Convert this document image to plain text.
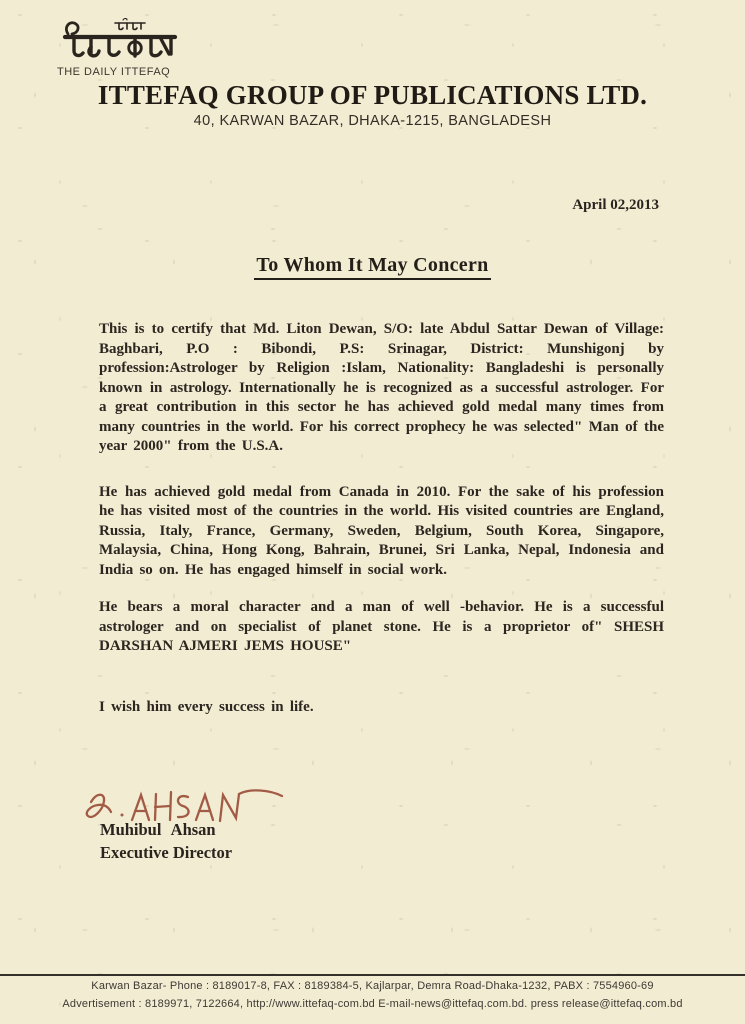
THE DAILY ITTEFAQ
ITTEFAQ GROUP OF PUBLICATIONS LTD.
40, KARWAN BAZAR, DHAKA-1215, BANGLADESH
April 02,2013
To Whom It May Concern

This is to certify that Md. Liton Dewan, S/O: late Abdul Sattar Dewan of Village: Baghbari, P.O : Bibondi, P.S: Srinagar, District: Munshigonj by profession:Astrologer by Religion :Islam, Nationality: Bangladeshi is personally known in astrology. Internationally he is recognized as a successful astrologer. For a great contribution in this sector he has achieved gold medal many times from many countries in the world. For his correct prophecy he was selected" Man of the year 2000" from the U.S.A.

He has achieved gold medal from Canada in 2010. For the sake of his profession he has visited most of the countries in the world. His visited countries are England, Russia, Italy, France, Germany, Sweden, Belgium, South Korea, Singapore, Malaysia, China, Hong Kong, Bahrain, Brunei, Sri Lanka, Nepal, Indonesia and India so on. He has engaged himself in social work.

He bears a moral character and a man of well -behavior. He is a successful astrologer and on specialist of planet stone. He is a proprietor of" SHESH DARSHAN AJMERI JEMS HOUSE"

I wish him every success in life.

Muhibul Ahsan
Executive Director
Karwan Bazar- Phone : 8189017-8, FAX : 8189384-5, Kajlarpar, Demra Road-Dhaka-1232, PABX : 7554960-69
Advertisement : 8189971, 7122664, http://www.ittefaq-com.bd E-mail-news@ittefaq.com.bd. press release@ittefaq.com.bd
